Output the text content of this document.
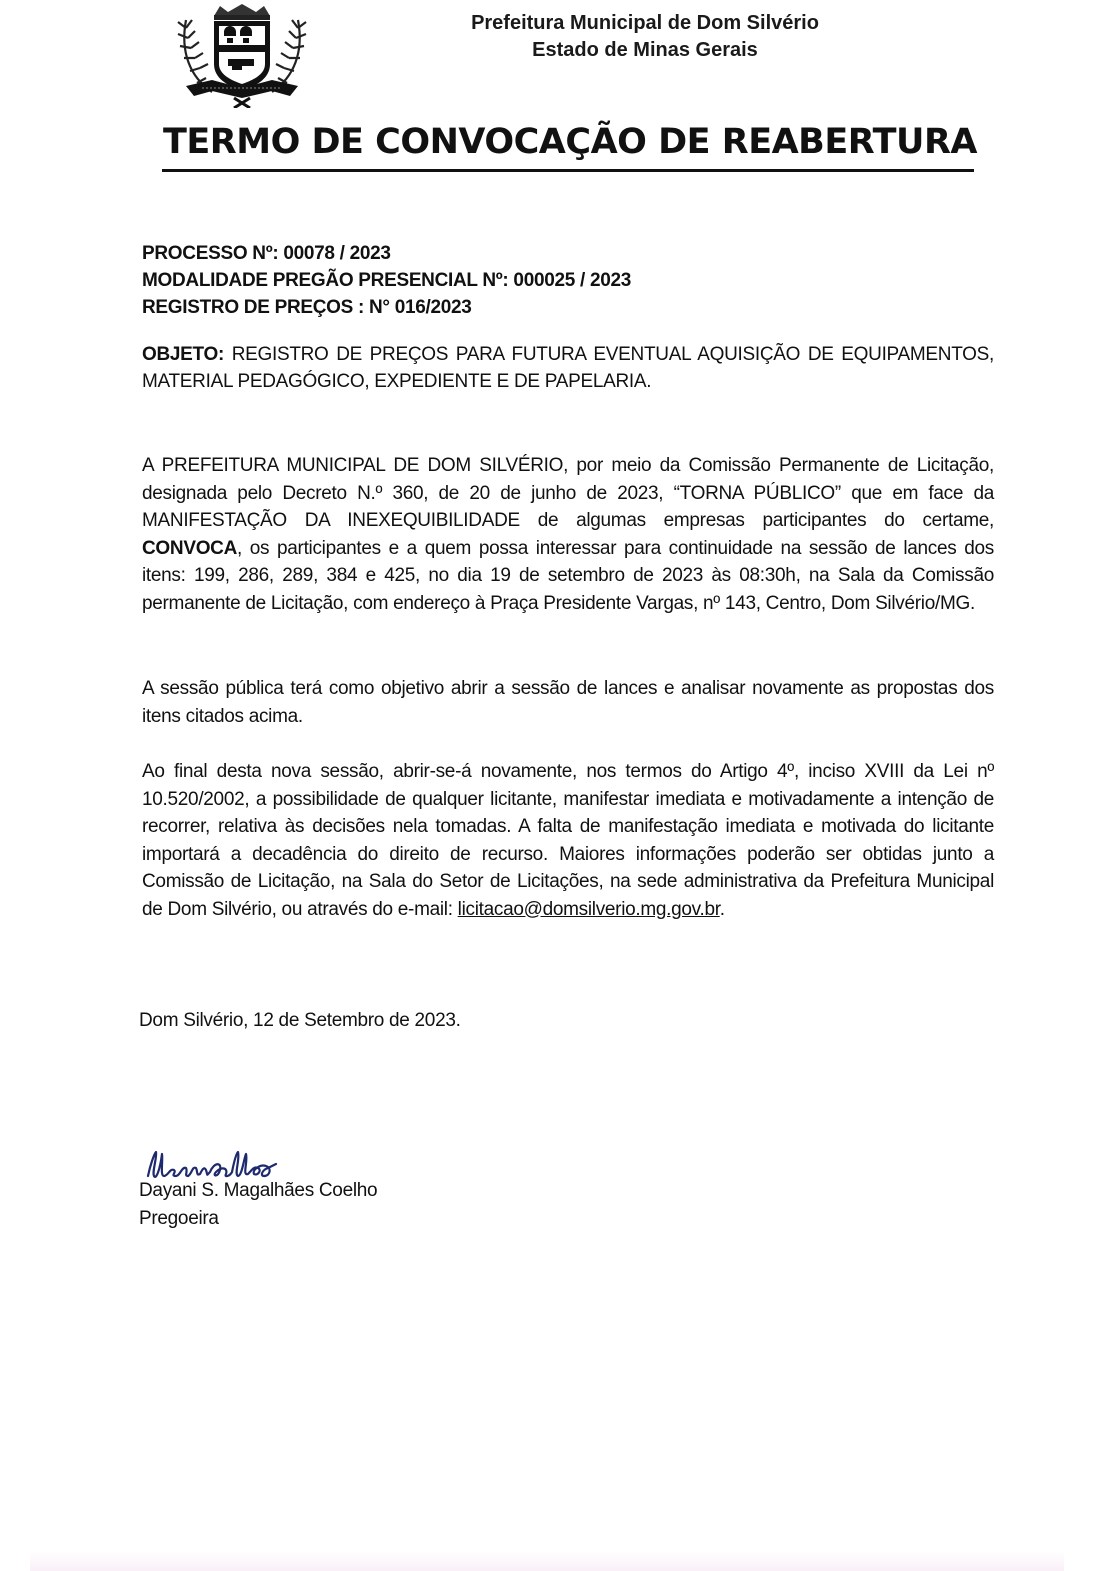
Prefeitura Municipal de Dom Silvério
Estado de Minas Gerais
TERMO DE CONVOCAÇÃO DE REABERTURA
PROCESSO Nº: 00078 / 2023
MODALIDADE PREGÃO PRESENCIAL Nº: 000025 / 2023
REGISTRO DE PREÇOS : N° 016/2023
OBJETO: REGISTRO DE PREÇOS PARA FUTURA EVENTUAL AQUISIÇÃO DE EQUIPAMENTOS, MATERIAL PEDAGÓGICO, EXPEDIENTE E DE PAPELARIA.
A PREFEITURA MUNICIPAL DE DOM SILVÉRIO, por meio da Comissão Permanente de Licitação, designada pelo Decreto N.º 360, de 20 de junho de 2023, “TORNA PÚBLICO” que em face da MANIFESTAÇÃO DA INEXEQUIBILIDADE de algumas empresas participantes do certame, CONVOCA, os participantes e a quem possa interessar para continuidade na sessão de lances dos itens: 199, 286, 289, 384 e 425, no dia 19 de setembro de 2023 às 08:30h, na Sala da Comissão permanente de Licitação, com endereço à Praça Presidente Vargas, nº 143, Centro, Dom Silvério/MG.
A sessão pública terá como objetivo abrir a sessão de lances e analisar novamente as propostas dos itens citados acima.
Ao final desta nova sessão, abrir-se-á novamente, nos termos do Artigo 4º, inciso XVIII da Lei nº 10.520/2002, a possibilidade de qualquer licitante, manifestar imediata e motivadamente a intenção de recorrer, relativa às decisões nela tomadas. A falta de manifestação imediata e motivada do licitante importará a decadência do direito de recurso. Maiores informações poderão ser obtidas junto a Comissão de Licitação, na Sala do Setor de Licitações, na sede administrativa da Prefeitura Municipal de Dom Silvério, ou através do e-mail: licitacao@domsilverio.mg.gov.br.
Dom Silvério, 12 de Setembro de 2023.
Dayani S. Magalhães Coelho
Pregoeira
